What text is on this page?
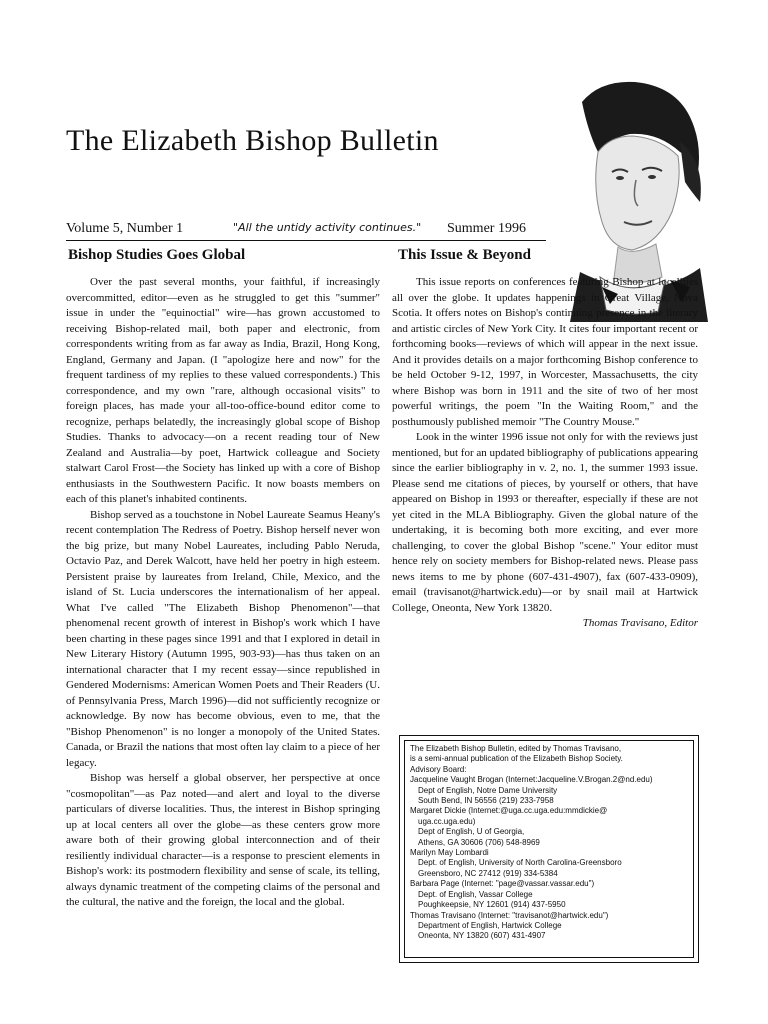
The Elizabeth Bishop Bulletin
Volume 5, Number 1	"All the untidy activity continues." Summer 1996
Bishop Studies Goes Global	This Issue & Beyond

Over the past several months, your faithful, if increasingly overcommitted, editor—even as he struggled to get this "summer" issue in under the "equinoctial" wire—has grown accustomed to receiving Bishop-related mail, both paper and electronic, from correspondents writing from as far away as India, Brazil, Hong Kong, England, Germany and Japan. (I "apologize here and now" for the frequent tardiness of my replies to these valued correspondents.) This correspondence, and my own "rare, although occasional visits" to foreign places, has made your all-too-office-bound editor come to recognize, perhaps belatedly, the increasingly global scope of Bishop Studies. Thanks to advocacy—on a recent reading tour of New Zealand and Australia—by poet, Hartwick colleague and Society stalwart Carol Frost—the Society has linked up with a core of Bishop enthusiasts in the Southwestern Pacific. It now boasts members on each of this planet's inhabited continents.

Bishop served as a touchstone in Nobel Laureate Seamus Heany's recent contemplation The Redress of Poetry. Bishop herself never won the big prize, but many Nobel Laureates, including Pablo Neruda, Octavio Paz, and Derek Walcott, have held her poetry in high esteem. Persistent praise by laureates from Ireland, Chile, Mexico, and the island of St. Lucia underscores the internationalism of her appeal. What I've called "The Elizabeth Bishop Phenomenon"—that phenomenal recent growth of interest in Bishop's work which I have been charting in these pages since 1991 and that I explored in detail in New Literary History (Autumn 1995, 903-93)—has thus taken on an international character that I my recent essay—since republished in Gendered Modernisms: American Women Poets and Their Readers (U. of Pennsylvania Press, March 1996)—did not sufficiently recognize or acknowledge. By now has become obvious, even to me, that the "Bishop Phenomenon" is no longer a monopoly of the United States. Canada, or Brazil the nations that most often lay claim to a piece of her legacy.

Bishop was herself a global observer, her perspective at once "cosmopolitan"—as Paz noted—and alert and loyal to the diverse particulars of diverse localities. Thus, the interest in Bishop springing up at local centers all over the globe—as these centers grow more aware both of their growing global interconnection and of their resiliently individual character—is a response to prescient elements in Bishop's work: its postmodern flexibility and sense of scale, its telling, always dynamic treatment of the competing claims of the personal and the cultural, the native and the foreign, the local and the global.

This issue reports on conferences featuring Bishop at localities all over the globe. It updates happenings in Great Village, Nova Scotia. It offers notes on Bishop's continuing presence in the literary and artistic circles of New York City. It cites four important recent or forthcoming books—reviews of which will appear in the next issue. And it provides details on a major forthcoming Bishop conference to be held October 9-12, 1997, in Worcester, Massachusetts, the city where Bishop was born in 1911 and the site of two of her most powerful writings, the poem "In the Waiting Room," and the posthumously published memoir "The Country Mouse."

Look in the winter 1996 issue not only for with the reviews just mentioned, but for an updated bibliography of publications appearing since the earlier bibliography in v. 2, no. 1, the summer 1993 issue. Please send me citations of pieces, by yourself or others, that have appeared on Bishop in 1993 or thereafter, especially if these are not yet cited in the MLA Bibliography. Given the global nature of the undertaking, it is becoming both more exciting, and ever more challenging, to cover the global Bishop "scene." Your editor must hence rely on society members for Bishop-related news. Please pass news items to me by phone (607-431-4907), fax (607-433-0909), email (travisanot@hartwick.edu)—or by snail mail at Hartwick College, Oneonta, New York 13820.

Thomas Travisano, Editor

The Elizabeth Bishop Bulletin, edited by Thomas Travisano,
is a semi-annual publication of the Elizabeth Bishop Society.
Advisory Board:
Jacqueline Vaught Brogan (Internet:Jacqueline.V.Brogan.2@nd.edu)
Dept of English, Notre Dame University
South Bend, IN 56556 (219) 233-7958
Margaret Dickie (Internet:@uga.cc.uga.edu:mmdickie@
uga.cc.uga.edu)
Dept of English, U of Georgia,
Athens, GA 30606 (706) 548-8969
Marilyn May Lombardi
Dept. of English, University of North Carolina-Greensboro
Greensboro, NC 27412 (919) 334-5384
Barbara Page (Internet: "page@vassar.vassar.edu")
Dept. of English, Vassar College
Poughkeepsie, NY 12601 (914) 437-5950
Thomas Travisano (Internet: "travisanot@hartwick.edu")
Department of English, Hartwick College
Oneonta, NY 13820 (607) 431-4907
